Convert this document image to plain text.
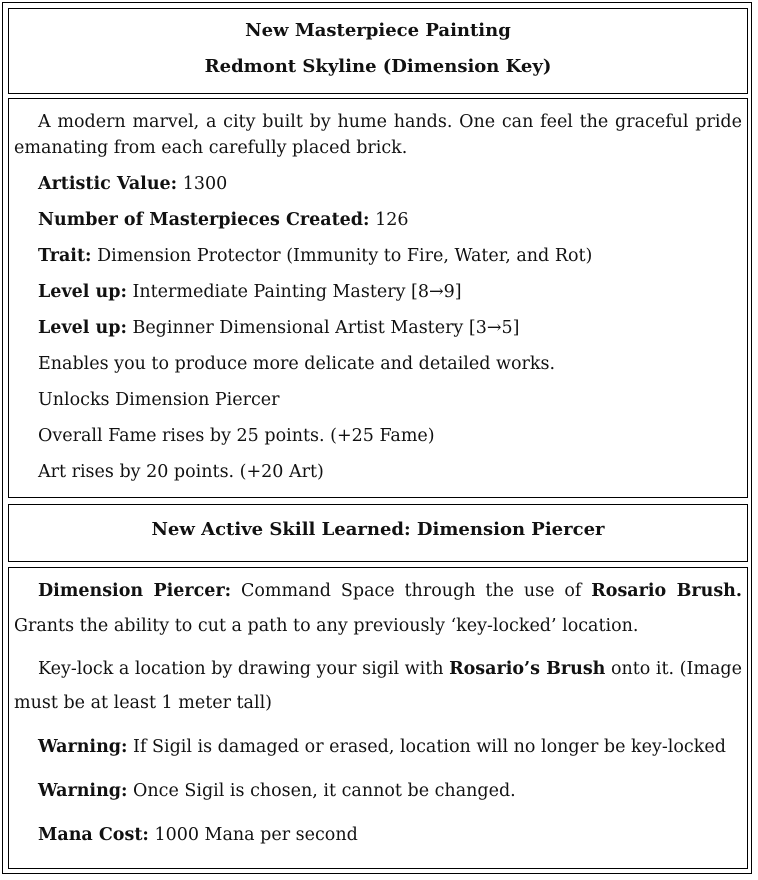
New Masterpiece Painting
Redmont Skyline (Dimension Key)
A modern marvel, a city built by hume hands. One can feel the graceful pride
emanating from each carefully placed brick.
Artistic Value: 1300
Number of Masterpieces Created: 126
Trait: Dimension Protector (Immunity to Fire, Water, and Rot)
Level up: Intermediate Painting Mastery [8→9]
Level up: Beginner Dimensional Artist Mastery [3→5]
Enables you to produce more delicate and detailed works.
Unlocks Dimension Piercer
Overall Fame rises by 25 points. (+25 Fame)
Art rises by 20 points. (+20 Art)
New Active Skill Learned: Dimension Piercer
Dimension Piercer: Command Space through the use of Rosario Brush.
Grants the ability to cut a path to any previously ‘key-locked’ location.
Key-lock a location by drawing your sigil with Rosario’s Brush onto it. (Image
must be at least 1 meter tall)
Warning: If Sigil is damaged or erased, location will no longer be key-locked
Warning: Once Sigil is chosen, it cannot be changed.
Mana Cost: 1000 Mana per second
